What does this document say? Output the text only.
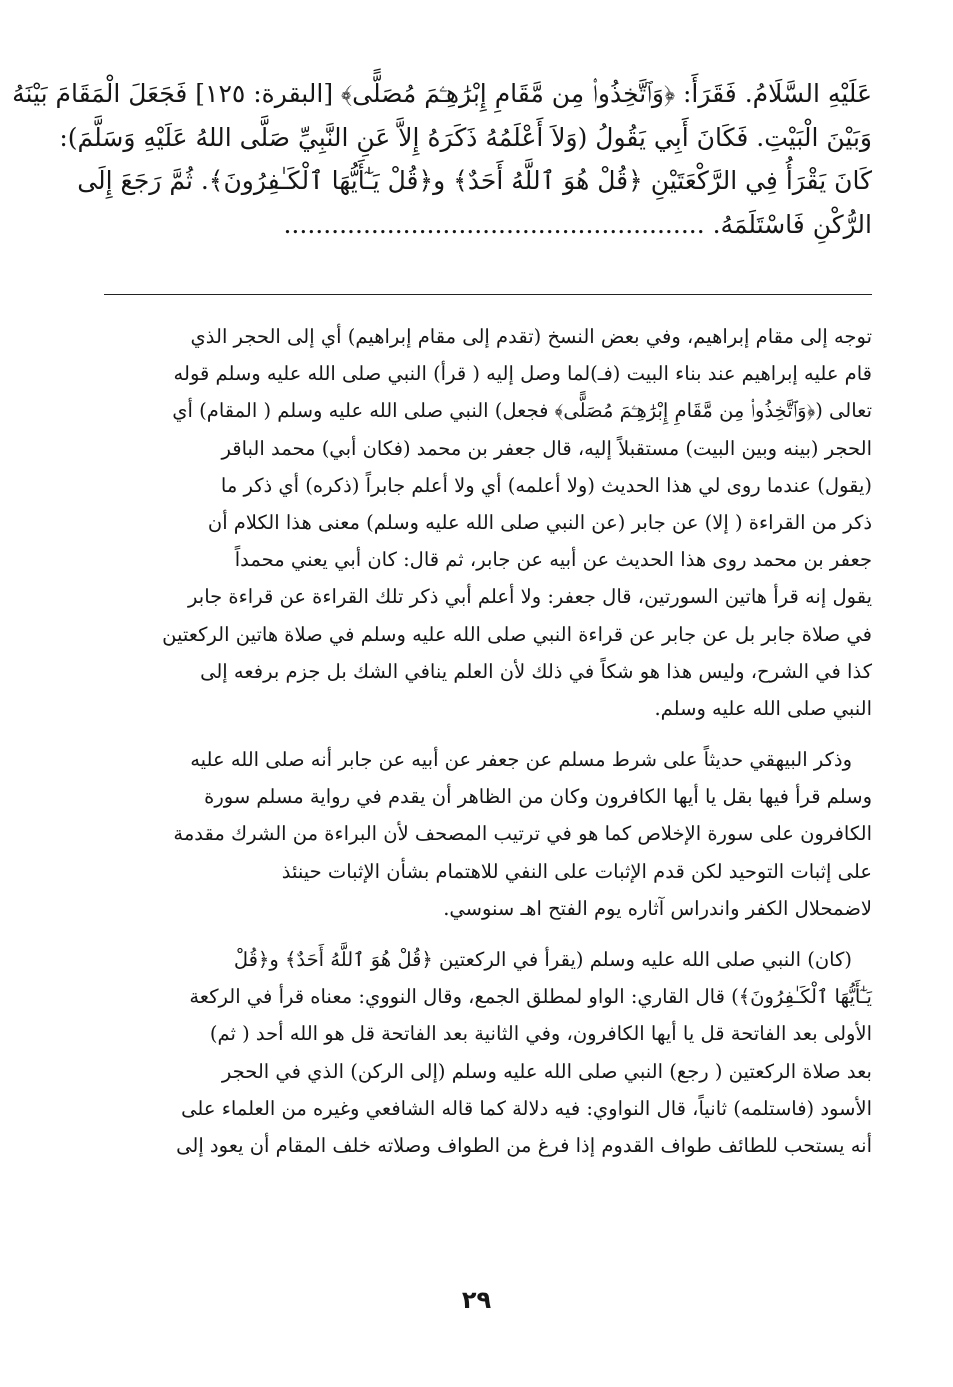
عَلَيْهِ السَّلَامُ. فَقَرَأَ: ﴿وَٱتَّخِذُوا۟ مِن مَّقَامِ إِبْرَٰهِـۧمَ مُصَلًّى﴾ [البقرة: ١٢٥] فَجَعَلَ الْمَقَامَ بَيْنَهُ
وَبَيْنَ الْبَيْتِ. فَكَانَ أَبِي يَقُولُ (وَلاَ أَعْلَمُهُ ذَكَرَهُ إِلاَّ عَنِ النَّبِيِّ صَلَّى اللهُ عَلَيْهِ وَسَلَّمَ):
كَانَ يَقْرَأُ فِي الرَّكْعَتَيْنِ ﴿قُلْ هُوَ ٱللَّهُ أَحَدٌ﴾ و﴿قُلْ يَـٰٓأَيُّهَا ٱلْكَـٰفِرُونَ﴾. ثُمَّ رَجَعَ إِلَى
الرُّكْنِ فَاسْتَلَمَهُ. .....................................................
توجه إلى مقام إبراهيم، وفي بعض النسخ (تقدم إلى مقام إبراهيم) أي إلى الحجر الذي
قام عليه إبراهيم عند بناء البيت (فـ)لما وصل إليه ( قرأ) النبي صلى الله عليه وسلم قوله
تعالى (﴿وَٱتَّخِذُوا۟ مِن مَّقَامِ إِبْرَٰهِـۧمَ مُصَلًّى﴾ فجعل) النبي صلى الله عليه وسلم ( المقام) أي
الحجر (بينه وبين البيت) مستقبلاً إليه، قال جعفر بن محمد (فكان أبي) محمد الباقر
(يقول) عندما روى لي هذا الحديث (ولا أعلمه) أي ولا أعلم جابراً (ذكره) أي ذكر ما
ذكر من القراءة ( إلا) عن جابر (عن النبي صلى الله عليه وسلم) معنى هذا الكلام أن
جعفر بن محمد روى هذا الحديث عن أبيه عن جابر، ثم قال: كان أبي يعني محمداً
يقول إنه قرأ هاتين السورتين، قال جعفر: ولا أعلم أبي ذكر تلك القراءة عن قراءة جابر
في صلاة جابر بل عن جابر عن قراءة النبي صلى الله عليه وسلم في صلاة هاتين الركعتين
كذا في الشرح، وليس هذا هو شكاً في ذلك لأن العلم ينافي الشك بل جزم برفعه إلى
النبي صلى الله عليه وسلم.
وذكر البيهقي حديثاً على شرط مسلم عن جعفر عن أبيه عن جابر أنه صلى الله عليه
وسلم قرأ فيها بقل يا أيها الكافرون وكان من الظاهر أن يقدم في رواية مسلم سورة
الكافرون على سورة الإخلاص كما هو في ترتيب المصحف لأن البراءة من الشرك مقدمة
على إثبات التوحيد لكن قدم الإثبات على النفي للاهتمام بشأن الإثبات حينئذ
لاضمحلال الكفر واندراس آثاره يوم الفتح اهـ سنوسي.
(كان) النبي صلى الله عليه وسلم (يقرأ في الركعتين ﴿قُلْ هُوَ ٱللَّهُ أَحَدٌ﴾ و﴿قُلْ
يَـٰٓأَيُّهَا ٱلْكَـٰفِرُونَ﴾) قال القاري: الواو لمطلق الجمع، وقال النووي: معناه قرأ في الركعة
الأولى بعد الفاتحة قل يا أيها الكافرون، وفي الثانية بعد الفاتحة قل هو الله أحد ( ثم)
بعد صلاة الركعتين ( رجع) النبي صلى الله عليه وسلم (إلى الركن) الذي في الحجر
الأسود (فاستلمه) ثانياً، قال النواوي: فيه دلالة كما قاله الشافعي وغيره من العلماء على
أنه يستحب للطائف طواف القدوم إذا فرغ من الطواف وصلاته خلف المقام أن يعود إلى
٢٩
